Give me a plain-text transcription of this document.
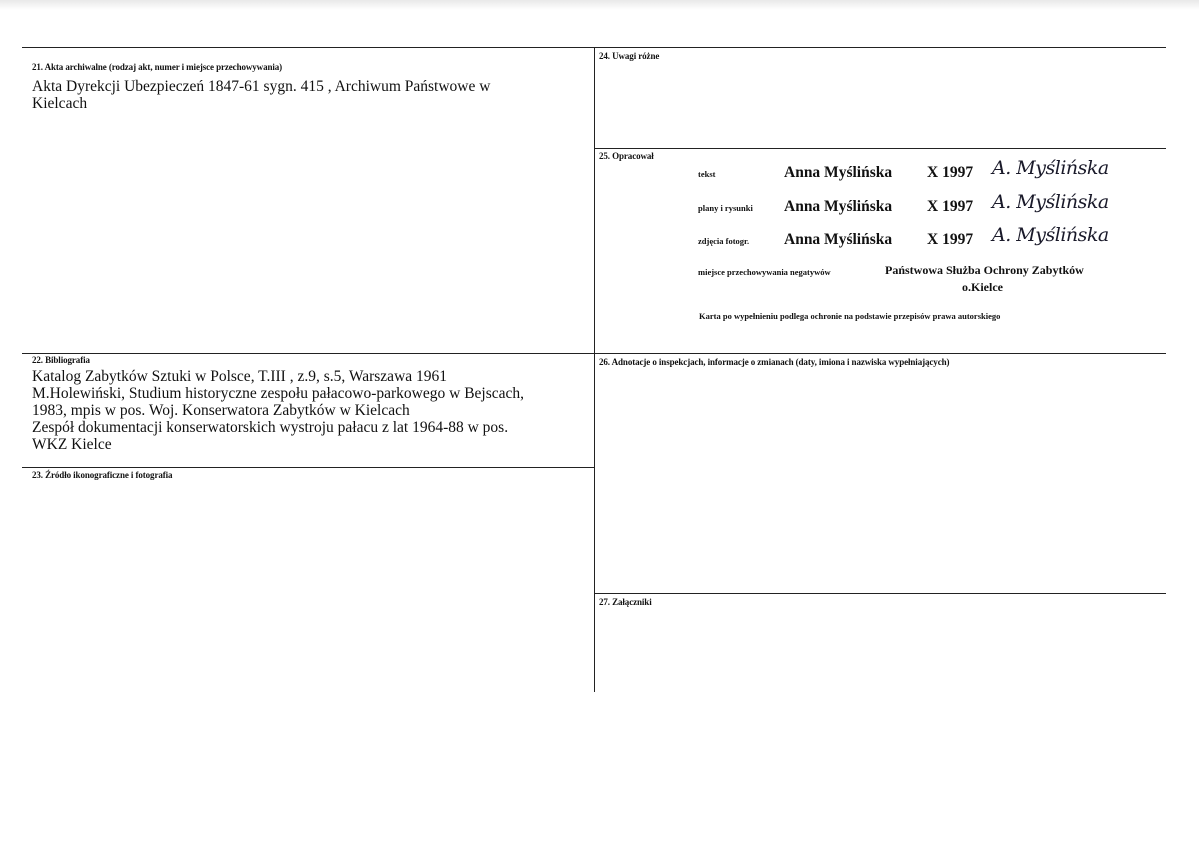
21. Akta archiwalne (rodzaj akt, numer i miejsce przechowywania)
Akta Dyrekcji Ubezpieczeń 1847-61 sygn. 415 , Archiwum Państwowe w
Kielcach
22. Bibliografia
Katalog Zabytków Sztuki w Polsce, T.III , z.9, s.5, Warszawa 1961
M.Holewiński, Studium historyczne zespołu pałacowo-parkowego w Bejscach,
1983, mpis w pos. Woj. Konserwatora Zabytków w Kielcach
Zespół dokumentacji konserwatorskich wystroju pałacu z lat 1964-88 w pos.
WKZ Kielce
23. Źródło ikonograficzne i fotografia
24. Uwagi różne
25. Opracował
tekst	Anna Myślińska X 1997 A. Myślińska
plany i rysunki Anna Myślińska X 1997 A. Myślińska
zdjęcia fotogr. Anna Myślińska X 1997 A. Myślińska
miejsce przechowywania negatywów	Państwowa Służba Ochrony Zabytków
o.Kielce
Karta po wypełnieniu podlega ochronie na podstawie przepisów prawa autorskiego
26. Adnotacje o inspekcjach, informacje o zmianach (daty, imiona i nazwiska wypełniających)
27. Załączniki
